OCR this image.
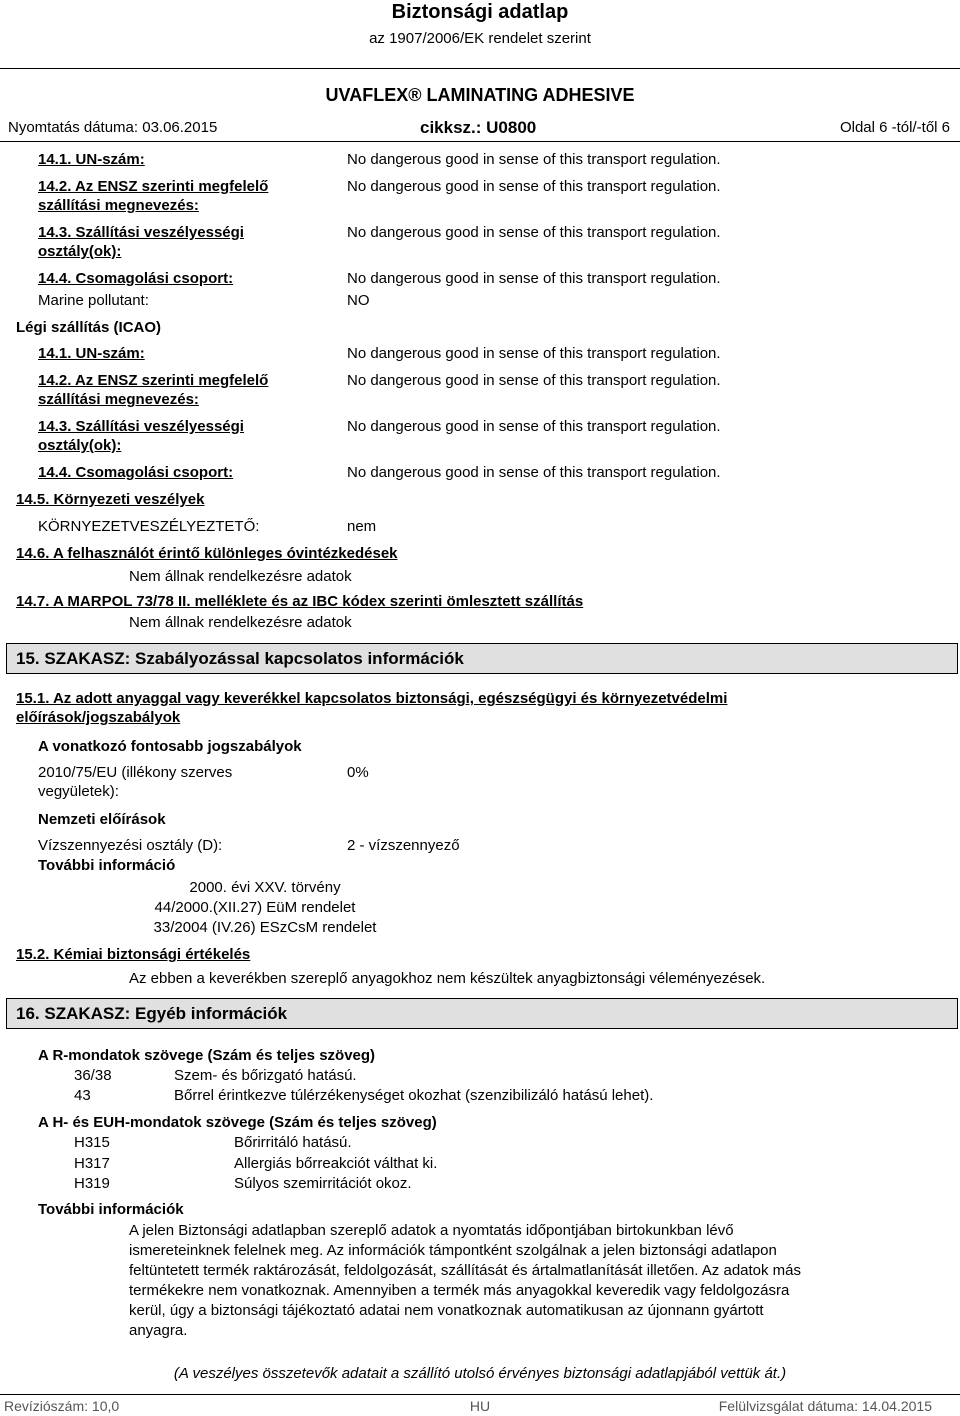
Biztonsági adatlap
az 1907/2006/EK rendelet szerint
UVAFLEX® LAMINATING ADHESIVE
Nyomtatás dátuma: 03.06.2015	cikksz.: U0800	Oldal 6 -tól/-től 6
14.1. UN-szám:	No dangerous good in sense of this transport regulation.
14.2. Az ENSZ szerinti megfelelő szállítási megnevezés:
No dangerous good in sense of this transport regulation.
14.3. Szállítási veszélyességi osztály(ok):
No dangerous good in sense of this transport regulation.
14.4. Csomagolási csoport:	No dangerous good in sense of this transport regulation.
Marine pollutant:	NO
Légi szállítás (ICAO)
14.1. UN-szám:	No dangerous good in sense of this transport regulation.
14.2. Az ENSZ szerinti megfelelő szállítási megnevezés:
No dangerous good in sense of this transport regulation.
14.3. Szállítási veszélyességi osztály(ok):
No dangerous good in sense of this transport regulation.
14.4. Csomagolási csoport:	No dangerous good in sense of this transport regulation.
14.5. Környezeti veszélyek
KÖRNYEZETVESZÉLYEZTETŐ:	nem
14.6. A felhasználót érintő különleges óvintézkedések
Nem állnak rendelkezésre adatok
14.7. A MARPOL 73/78 II. melléklete és az IBC kódex szerinti ömlesztett szállítás
Nem állnak rendelkezésre adatok
15. SZAKASZ: Szabályozással kapcsolatos információk
15.1. Az adott anyaggal vagy keverékkel kapcsolatos biztonsági, egészségügyi és környezetvédelmi előírások/jogszabályok
A vonatkozó fontosabb jogszabályok
2010/75/EU (illékony szerves vegyületek):
0%
Nemzeti előírások
Vízszennyezési osztály (D):	2 - vízszennyező
További információ
2000. évi XXV. törvény
44/2000.(XII.27) EüM rendelet
33/2004 (IV.26) ESzCsM rendelet
15.2. Kémiai biztonsági értékelés
Az ebben a keverékben szereplő anyagokhoz nem készültek anyagbiztonsági véleményezések.
16. SZAKASZ: Egyéb információk
A R-mondatok szövege (Szám és teljes szöveg)
36/38	Szem- és bőrizgató hatású.
43	Bőrrel érintkezve túlérzékenységet okozhat (szenzibilizáló hatású lehet).
A H- és EUH-mondatok szövege (Szám és teljes szöveg)
H315	Bőrirritáló hatású.
H317	Allergiás bőrreakciót válthat ki.
H319	Súlyos szemirritációt okoz.
További információk
A jelen Biztonsági adatlapban szereplő adatok a nyomtatás időpontjában birtokunkban lévő
ismereteinknek felelnek meg. Az információk támpontként szolgálnak a jelen biztonsági adatlapon
feltüntetett termék raktározását, feldolgozását, szállítását és ártalmatlanítását illetően. Az adatok más
termékekre nem vonatkoznak. Amennyiben a termék más anyagokkal keveredik vagy feldolgozásra
kerül, úgy a biztonsági tájékoztató adatai nem vonatkoznak automatikusan az újonnann gyártott
anyagra.
(A veszélyes összetevők adatait a szállító utolsó érvényes biztonsági adatlapjából vettük át.)
Revíziószám: 10,0	HU	Felülvizsgálat dátuma: 14.04.2015
